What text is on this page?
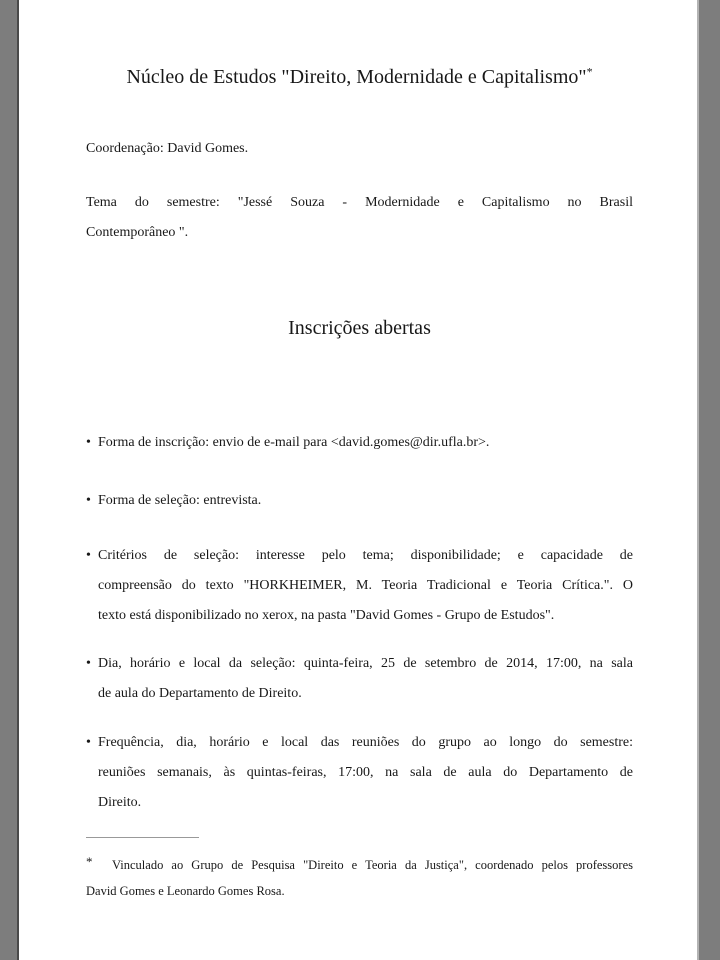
Núcleo de Estudos "Direito, Modernidade e Capitalismo"*
Coordenação: David Gomes.
Tema do semestre: "Jessé Souza - Modernidade e Capitalismo no Brasil
Contemporâneo ".
Inscrições abertas
• Forma de inscrição: envio de e-mail para <david.gomes@dir.ufla.br>.
• Forma de seleção: entrevista.
• Critérios de seleção: interesse pelo tema; disponibilidade; e capacidade de
compreensão do texto "HORKHEIMER, M. Teoria Tradicional e Teoria Crítica.". O
texto está disponibilizado no xerox, na pasta "David Gomes - Grupo de Estudos".
• Dia, horário e local da seleção: quinta-feira, 25 de setembro de 2014, 17:00, na sala
de aula do Departamento de Direito.
• Frequência, dia, horário e local das reuniões do grupo ao longo do semestre:
reuniões semanais, às quintas-feiras, 17:00, na sala de aula do Departamento de
Direito.
*	Vinculado ao Grupo de Pesquisa "Direito e Teoria da Justiça", coordenado pelos professores
David Gomes e Leonardo Gomes Rosa.
